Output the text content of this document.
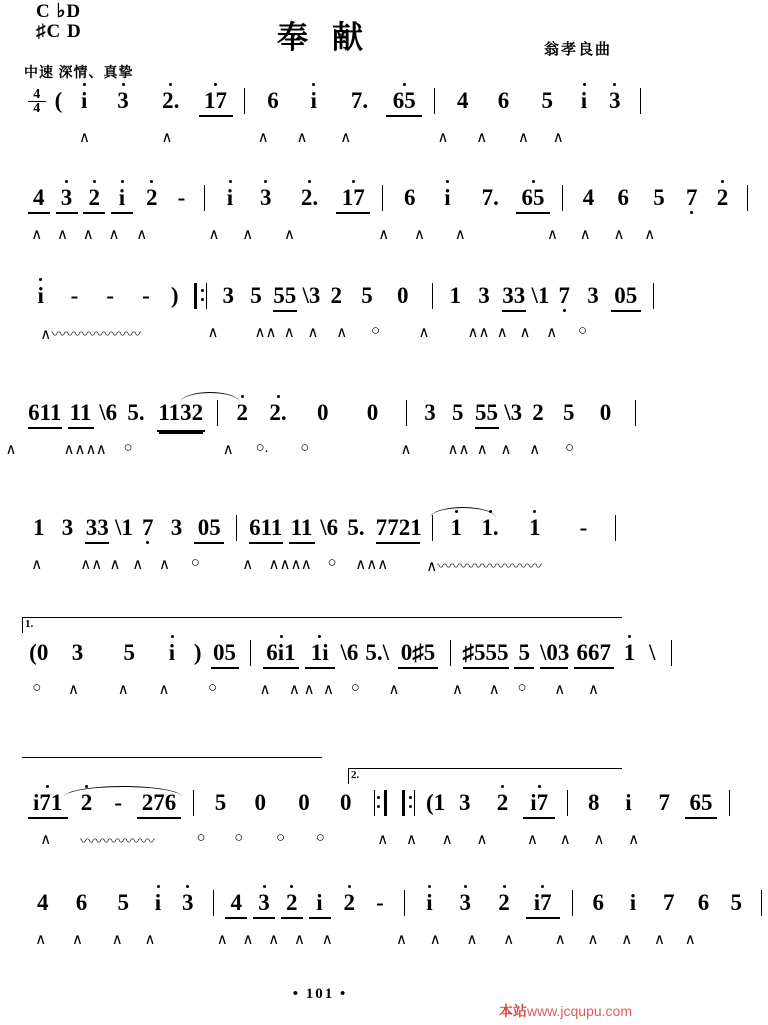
C ♭D
♯C D	奉献	翁孝良曲
中速 深情、真挚

$\frac{4}{4}$ ( i 3 2. 17 6 i 7. 65 4 6 5 i 3
∧	∧	∧ ∧ ∧	∧ ∧ ∧ ∧
4 3 2 i 2 - i 3 2. 17 6 i 7. 65 4 6 5 7 2
∧ ∧ ∧ ∧ ∧	∧ ∧ ∧	∧ ∧ ∧	∧ ∧ ∧ ∧
i - - - ) 3 5 55 \3 2 5 0 1 3 33 \1 7 3 05
∧〰〰〰〰〰〰	∧ ∧∧ ∧ ∧ ∧ ○	∧	∧∧ ∧ ∧ ∧ ○
611 11 \6 5. 1132 2 2. 0 0 3 5 55 \3 2 5 0
∧	∧∧∧ ∧ ○	∧ ○. ○	∧ ∧∧ ∧ ∧ ∧ ○
1 3 33 \1 7 3 05 611 11 \6 5. 7721 1 1. 1 -
∧	∧∧ ∧ ∧ ∧ ○	∧ ∧∧∧ ∧ ○ ∧∧∧	∧〰〰〰〰〰〰〰
1.
(0 3 5 i ) 05 6i1 1i \6 5.\ 0♯5 ♯555 5 \03 667 1 \
○ ∧	∧ ∧	○	∧ ∧ ∧ ∧ ○ ∧	∧ ∧ ○ ∧ ∧
2.
i71 2 - 276 5 0 0 0	(1 3 2 i7 8 i 7 65
∧ 〰〰〰〰〰	○ ○ ○ ○	∧ ∧ ∧ ∧	∧ ∧ ∧ ∧
4 6 5 i 3 4 3 2 i 2 - i 3 2 i7 6 i 7 6 5
∧ ∧ ∧ ∧	∧ ∧ ∧ ∧ ∧	∧ ∧ ∧ ∧	∧ ∧ ∧ ∧ ∧
• 101 •
本站www.jcqupu.com
